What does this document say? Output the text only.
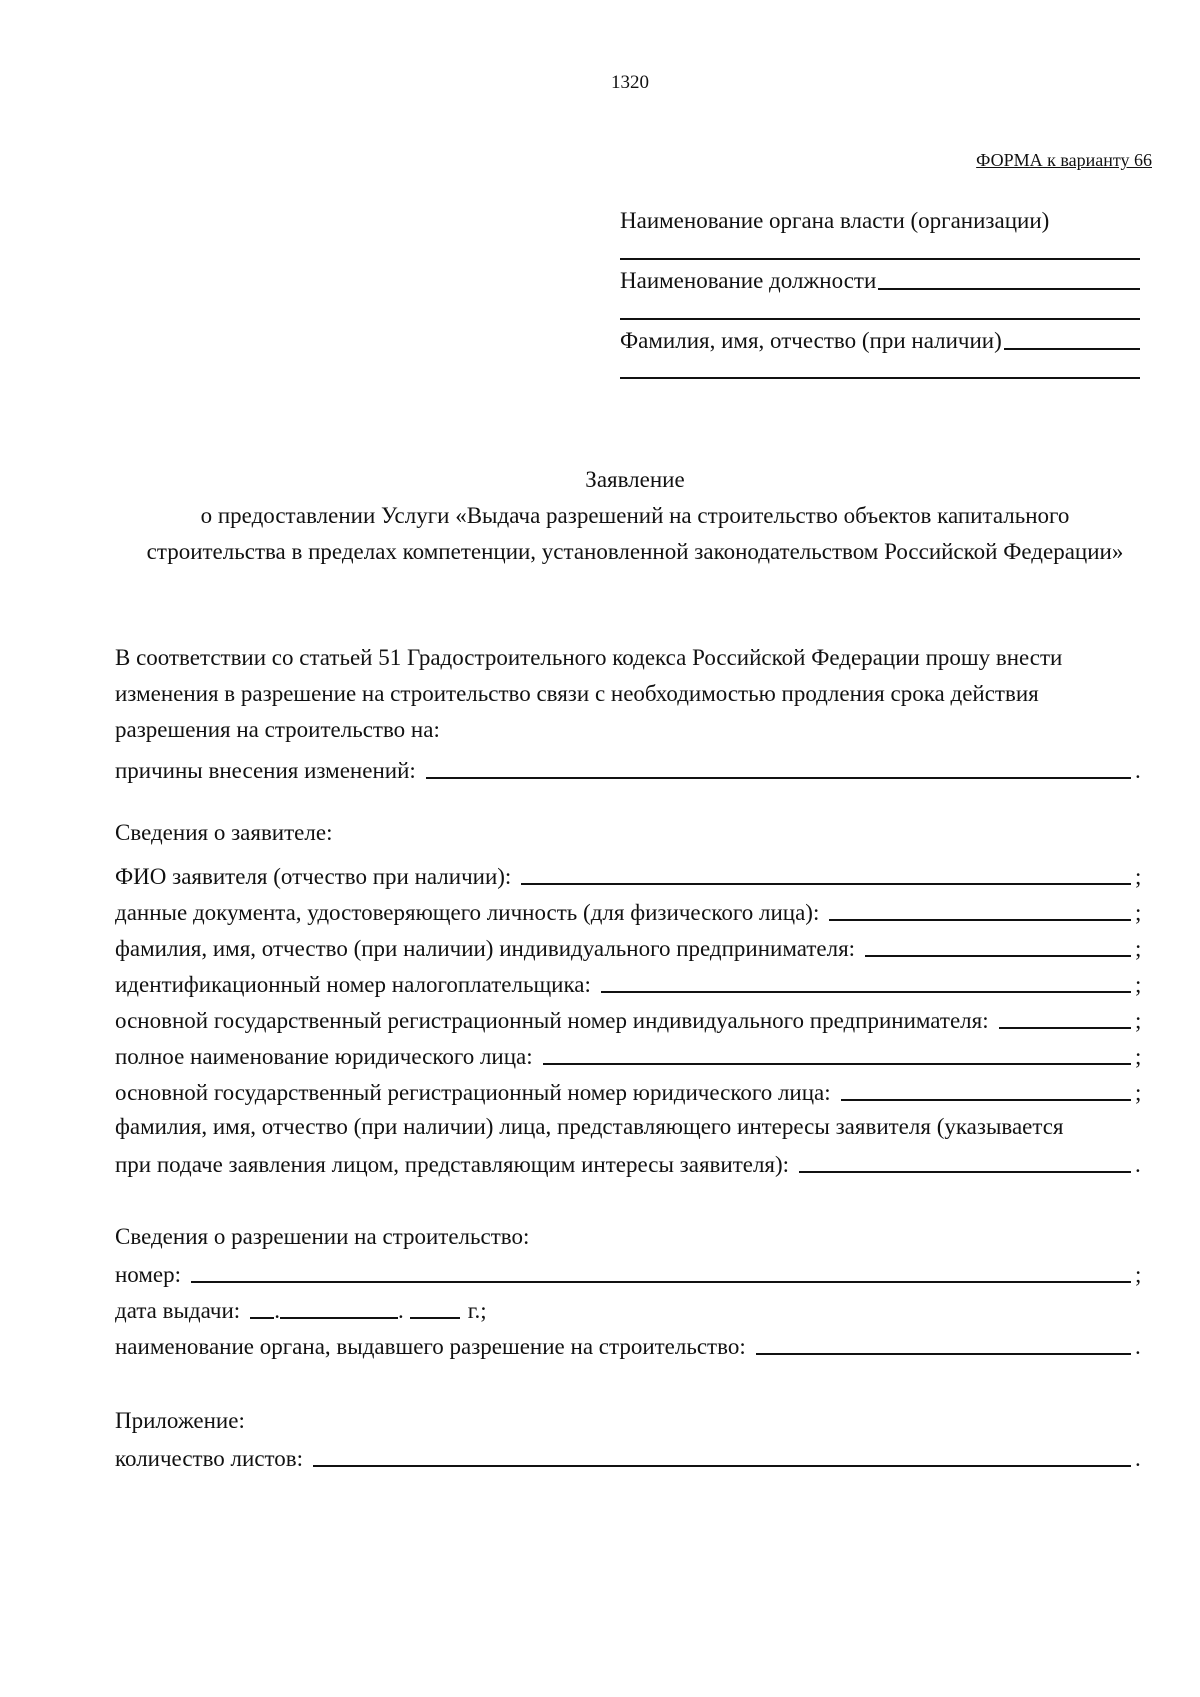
1320
ФОРМА к варианту 66
Наименование органа власти (организации)
Наименование должности
Фамилия, имя, отчество (при наличии)
Заявление
о предоставлении Услуги «Выдача разрешений на строительство объектов капитального строительства в пределах компетенции, установленной законодательством Российской Федерации»
В соответствии со статьей 51 Градостроительного кодекса Российской Федерации прошу внести изменения в разрешение на строительство связи с необходимостью продления срока действия разрешения на строительство на:
причины внесения изменений:	.
Сведения о заявителе:
ФИО заявителя (отчество при наличии):	;
данные документа, удостоверяющего личность (для физического лица):	;
фамилия, имя, отчество (при наличии) индивидуального предпринимателя:	;
идентификационный номер налогоплательщика:	;
основной государственный регистрационный номер индивидуального предпринимателя:	;
полное наименование юридического лица:	;
основной государственный регистрационный номер юридического лица:	;
фамилия, имя, отчество (при наличии) лица, представляющего интересы заявителя (указывается
при подаче заявления лицом, представляющим интересы заявителя):	.
Сведения о разрешении на строительство:
номер:	;
дата выдачи: .	.	г.;
наименование органа, выдавшего разрешение на строительство:	.
Приложение:
количество листов:	.
